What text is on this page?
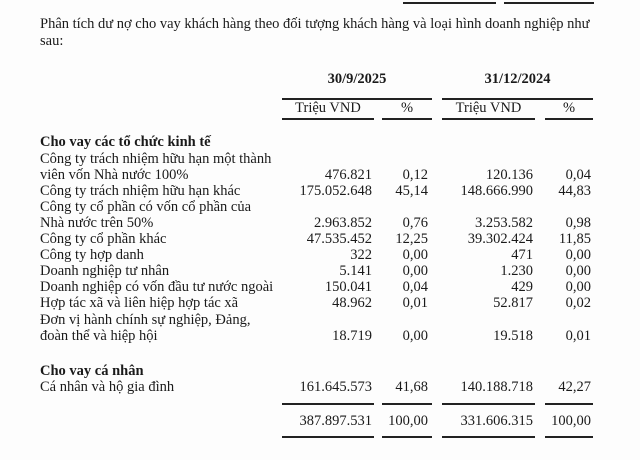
Phân tích dư nợ cho vay khách hàng theo đối tượng khách hàng và loại hình doanh nghiệp như sau:
30/9/2025	31/12/2024
Triệu VND	%	Triệu VND	%
Cho vay các tổ chức kinh tế
Công ty trách nhiệm hữu hạn một thành
viên vốn Nhà nước 100%	476.821 0,12	120.136 0,04
Công ty trách nhiệm hữu hạn khác	175.052.648 45,14 148.666.990 44,83
Công ty cổ phần có vốn cổ phần của
Nhà nước trên 50%	2.963.852 0,76	3.253.582 0,98
Công ty cổ phần khác	47.535.452 12,25	39.302.424 11,85
Công ty hợp danh	322 0,00	471 0,00
Doanh nghiệp tư nhân	5.141 0,00	1.230 0,00
Doanh nghiệp có vốn đầu tư nước ngoài	150.041 0,04	429 0,00
Hợp tác xã và liên hiệp hợp tác xã	48.962 0,01	52.817 0,02
Đơn vị hành chính sự nghiệp, Đảng,
đoàn thể và hiệp hội	18.719 0,00	19.518 0,01
Cho vay cá nhân
Cá nhân và hộ gia đình	161.645.573 41,68 140.188.718 42,27
387.897.531 100,00 331.606.315 100,00
